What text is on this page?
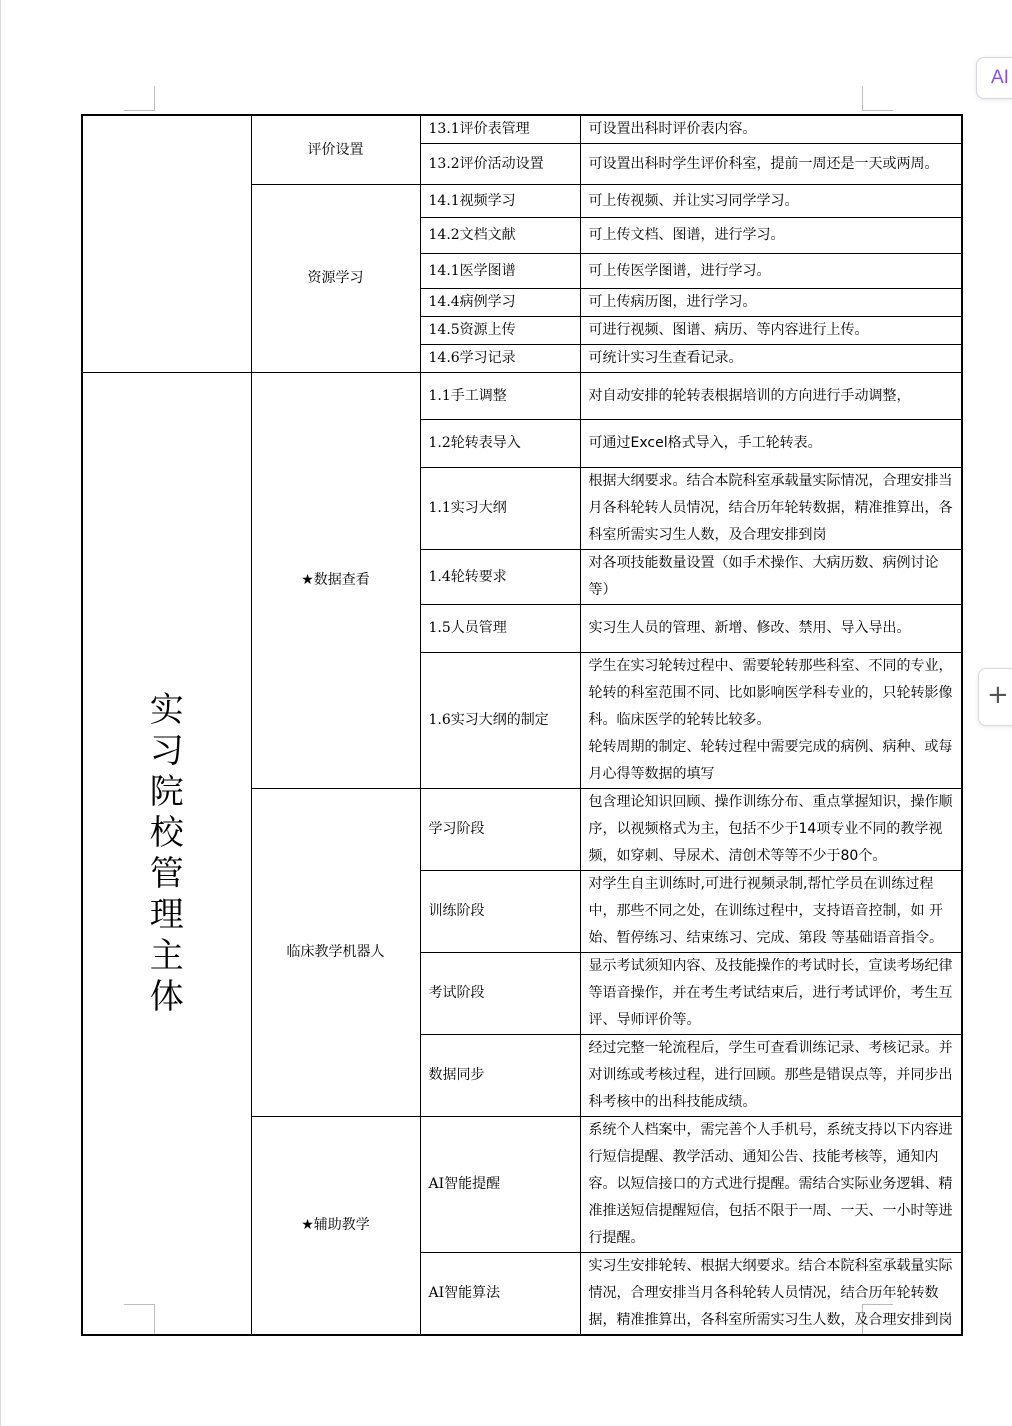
AI
+
	评价设置	13.1评价表管理	可设置出科时评价表内容。
		13.2评价活动设置	可设置出科时学生评价科室，提前一周还是一天或两周。
	资源学习	14.1视频学习	可上传视频、并让实习同学学习。
		14.2文档文献	可上传文档、图谱，进行学习。
		14.1医学图谱	可上传医学图谱，进行学习。
		14.4病例学习	可上传病历图，进行学习。
		14.5资源上传	可进行视频、图谱、病历、等内容进行上传。
		14.6学习记录	可统计实习生查看记录。

实习院校管理主体	★数据查看	1.1手工调整	对自动安排的轮转表根据培训的方向进行手动调整，
		1.2轮转表导入	可通过Excel格式导入，手工轮转表。
		1.1实习大纲	根据大纲要求。结合本院科室承载量实际情况，合理安排当月各科轮转人员情况，结合历年轮转数据，精准推算出，各科室所需实习生人数，及合理安排到岗
		1.4轮转要求	对各项技能数量设置（如手术操作、大病历数、病例讨论等）
		1.5人员管理	实习生人员的管理、新增、修改、禁用、导入导出。
		1.6实习大纲的制定	学生在实习轮转过程中、需要轮转那些科室、不同的专业，轮转的科室范围不同、比如影响医学科专业的，只轮转影像科。临床医学的轮转比较多。
轮转周期的制定、轮转过程中需要完成的病例、病种、或每月心得等数据的填写

	临床教学机器人	学习阶段	包含理论知识回顾、操作训练分布、重点掌握知识，操作顺序，以视频格式为主，包括不少于14项专业不同的教学视频，如穿刺、导尿术、清创术等等不少于80个。
		训练阶段	对学生自主训练时,可进行视频录制,帮忙学员在训练过程中，那些不同之处，在训练过程中，支持语音控制，如 开始、暂停练习、结束练习、完成、第段 等基础语音指令。
		考试阶段	显示考试须知内容、及技能操作的考试时长，宣读考场纪律等语音操作，并在考生考试结束后，进行考试评价，考生互评、导师评价等。
		数据同步	经过完整一轮流程后，学生可查看训练记录、考核记录。并对训练或考核过程，进行回顾。那些是错误点等，并同步出科考核中的出科技能成绩。
	★辅助教学	AI智能提醒	系统个人档案中，需完善个人手机号，系统支持以下内容进行短信提醒、教学活动、通知公告、技能考核等，通知内容。以短信接口的方式进行提醒。需结合实际业务逻辑、精准推送短信提醒短信，包括不限于一周、一天、一小时等进行提醒。
		AI智能算法	实习生安排轮转、根据大纲要求。结合本院科室承载量实际情况，合理安排当月各科轮转人员情况，结合历年轮转数据，精准推算出，各科室所需实习生人数，及合理安排到岗
